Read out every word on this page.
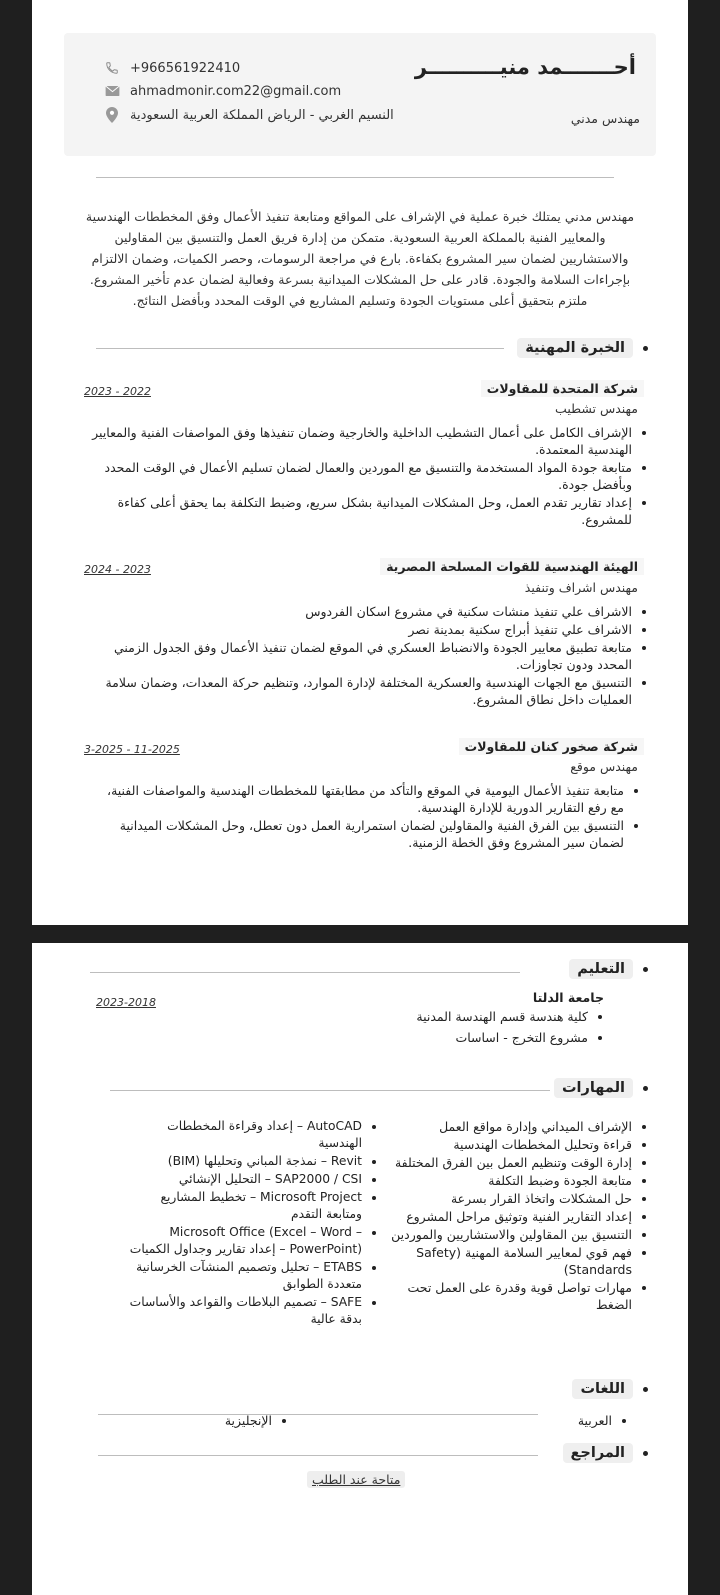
أحـــــــمد منيــــــــــر
مهندس مدني
+966561922410
ahmadmonir.com22@gmail.com
النسيم الغربي - الرياض المملكة العربية السعودية
مهندس مدني يمتلك خبرة عملية في الإشراف على المواقع ومتابعة تنفيذ الأعمال وفق المخططات الهندسية والمعايير الفنية بالمملكة العربية السعودية. متمكن من إدارة فريق العمل والتنسيق بين المقاولين والاستشاريين لضمان سير المشروع بكفاءة. بارع في مراجعة الرسومات، وحصر الكميات، وضمان الالتزام بإجراءات السلامة والجودة. قادر على حل المشكلات الميدانية بسرعة وفعالية لضمان عدم تأخير المشروع. ملتزم بتحقيق أعلى مستويات الجودة وتسليم المشاريع في الوقت المحدد وبأفضل النتائج.
الخبرة المهنية
شركة المتحدة للمقاولات
2023 - 2022
مهندس تشطيب
الإشراف الكامل على أعمال التشطيب الداخلية والخارجية وضمان تنفيذها وفق المواصفات الفنية والمعايير الهندسية المعتمدة.
متابعة جودة المواد المستخدمة والتنسيق مع الموردين والعمال لضمان تسليم الأعمال في الوقت المحدد وبأفضل جودة.
إعداد تقارير تقدم العمل، وحل المشكلات الميدانية بشكل سريع، وضبط التكلفة بما يحقق أعلى كفاءة للمشروع.
الهيئة الهندسية للقوات المسلحة المصرية
2024 - 2023
مهندس اشراف وتنفيذ
الاشراف علي تنفيذ منشات سكنية في مشروع اسكان الفردوس
الاشراف علي تنفيذ أبراج سكنية بمدينة نصر
متابعة تطبيق معايير الجودة والانضباط العسكري في الموقع لضمان تنفيذ الأعمال وفق الجدول الزمني المحدد ودون تجاوزات.
التنسيق مع الجهات الهندسية والعسكرية المختلفة لإدارة الموارد، وتنظيم حركة المعدات، وضمان سلامة العمليات داخل نطاق المشروع.
شركة صخور كنان للمقاولات
3-2025 - 11-2025
مهندس موقع
متابعة تنفيذ الأعمال اليومية في الموقع والتأكد من مطابقتها للمخططات الهندسية والمواصفات الفنية، مع رفع التقارير الدورية للإدارة الهندسية.
التنسيق بين الفرق الفنية والمقاولين لضمان استمرارية العمل دون تعطل، وحل المشكلات الميدانية لضمان سير المشروع وفق الخطة الزمنية.
التعليم
جامعة الدلتا
2023-2018
كلية هندسة قسم الهندسة المدنية
مشروع التخرج - اساسات
المهارات
الإشراف الميداني وإدارة مواقع العمل
قراءة وتحليل المخططات الهندسية
إدارة الوقت وتنظيم العمل بين الفرق المختلفة
متابعة الجودة وضبط التكلفة
حل المشكلات واتخاذ القرار بسرعة
إعداد التقارير الفنية وتوثيق مراحل المشروع
التنسيق بين المقاولين والاستشاريين والموردين
فهم قوي لمعايير السلامة المهنية (Safety Standards)
مهارات تواصل قوية وقدرة على العمل تحت الضغط
AutoCAD – إعداد وقراءة المخططات الهندسية
Revit – نمذجة المباني وتحليلها (BIM)
SAP2000 / CSI – التحليل الإنشائي
Microsoft Project – تخطيط المشاريع ومتابعة التقدم
Microsoft Office (Excel – Word – PowerPoint) – إعداد تقارير وجداول الكميات
ETABS – تحليل وتصميم المنشآت الخرسانية متعددة الطوابق
SAFE – تصميم البلاطات والقواعد والأساسات بدقة عالية
اللغات
العربية
الإنجليزية
المراجع
متاحة عند الطلب
